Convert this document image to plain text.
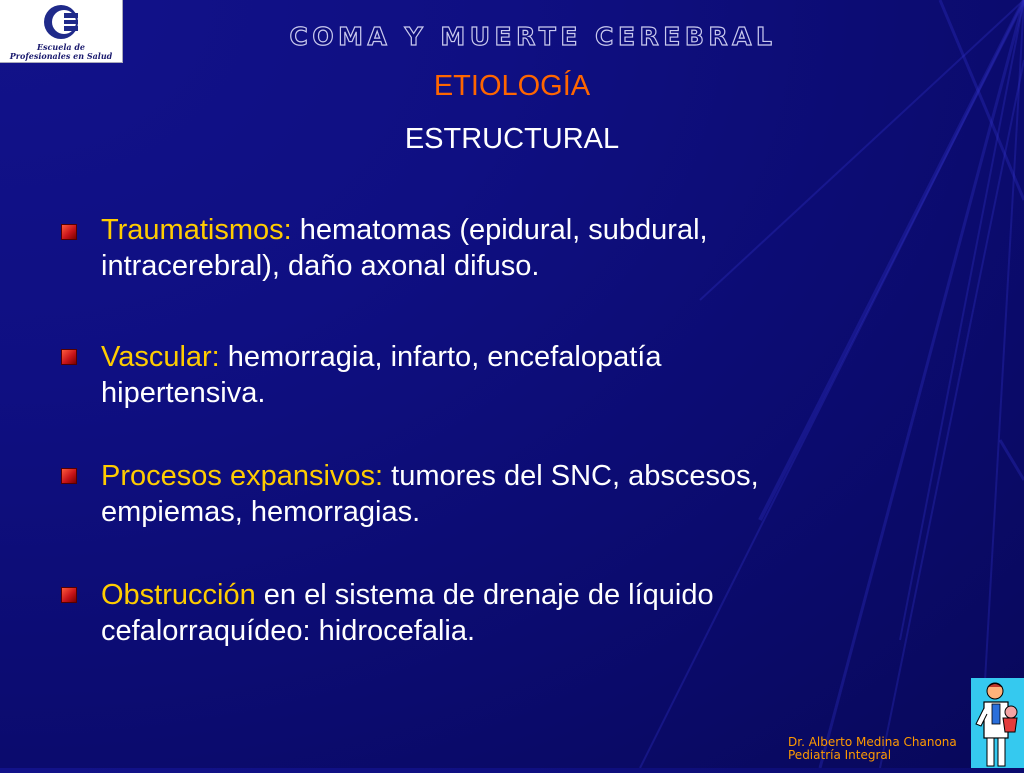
Escuela de
Profesionales en Salud
COMA Y MUERTE CEREBRAL
ETIOLOGÍA
ESTRUCTURAL
Traumatismos: hematomas (epidural, subdural,
intracerebral), daño axonal difuso.
Vascular: hemorragia, infarto, encefalopatía
hipertensiva.
Procesos expansivos: tumores del SNC, abscesos,
empiemas, hemorragias.
Obstrucción en el sistema de drenaje de líquido
cefalorraquídeo: hidrocefalia.
Dr. Alberto Medina Chanona
Pediatría Integral
